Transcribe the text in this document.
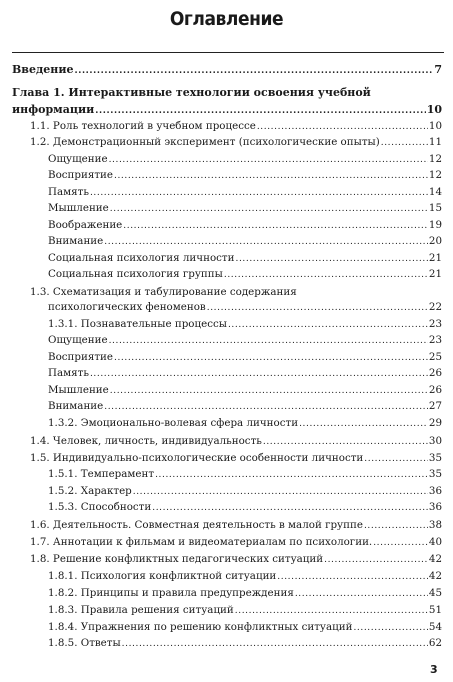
Оглавление
Введение .....	7
Глава 1. Интерактивные технологии освоения учебной
информации .....	10
1.1. Роль технологий в учебном процессе .....	10
1.2. Демонстрационный эксперимент (психологические опыты) .....	11
Ощущение .....	12
Восприятие .....	12
Память .....	14
Мышление .....	15
Воображение .....	19
Внимание .....	20
Социальная психология личности .....	21
Социальная психология группы .....	21
1.3. Схематизация и табулирование содержания
психологических феноменов .....	22
1.3.1. Познавательные процессы .....	23
Ощущение .....	23
Восприятие .....	25
Память .....	26
Мышление .....	26
Внимание .....	27
1.3.2. Эмоционально-волевая сфера личности .....	29
1.4. Человек, личность, индивидуальность .....	30
1.5. Индивидуально-психологические особенности личности .....	35
1.5.1. Темперамент .....	35
1.5.2. Характер .....	36
1.5.3. Способности .....	36
1.6. Деятельность. Совместная деятельность в малой группе .....	38
1.7. Аннотации к фильмам и видеоматериалам по психологии. .....	40
1.8. Решение конфликтных педагогических ситуаций .....	42
1.8.1. Психология конфликтной ситуации .....	42
1.8.2. Принципы и правила предупреждения .....	45
1.8.3. Правила решения ситуаций .....	51
1.8.4. Упражнения по решению конфликтных ситуаций .....	54
1.8.5. Ответы .....	62
3
